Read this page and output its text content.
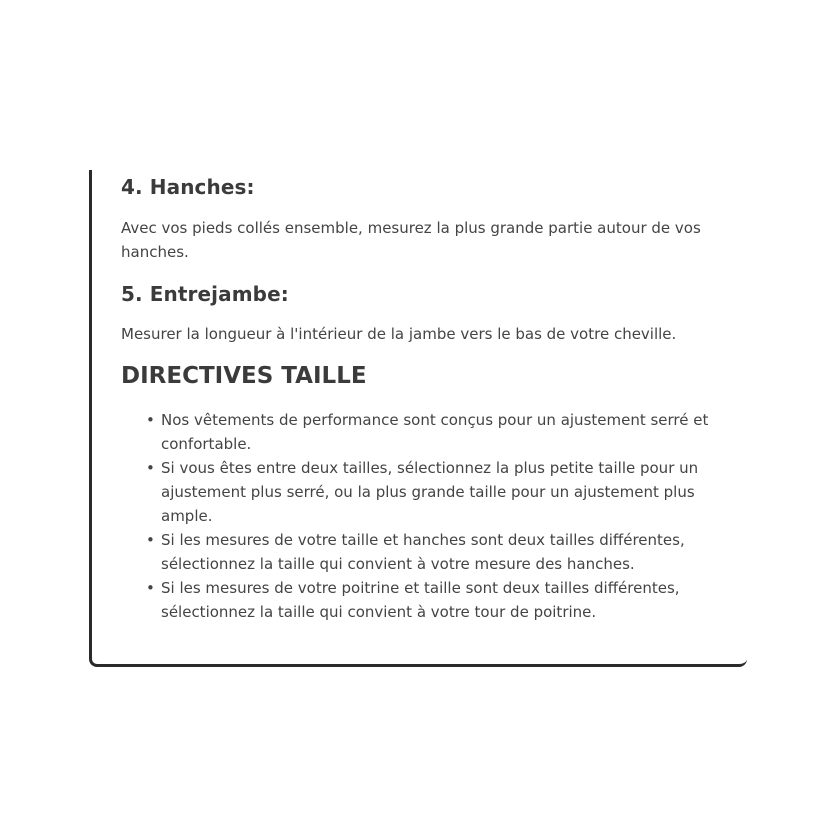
4. Hanches:

Avec vos pieds collés ensemble, mesurez la plus grande partie autour de vos hanches.

5. Entrejambe:

Mesurer la longueur à l'intérieur de la jambe vers le bas de votre cheville.

DIRECTIVES TAILLE
• Nos vêtements de performance sont conçus pour un ajustement serré et confortable.
• Si vous êtes entre deux tailles, sélectionnez la plus petite taille pour un ajustement plus serré, ou la plus grande taille pour un ajustement plus ample.
• Si les mesures de votre taille et hanches sont deux tailles différentes, sélectionnez la taille qui convient à votre mesure des hanches.
• Si les mesures de votre poitrine et taille sont deux tailles différentes, sélectionnez la taille qui convient à votre tour de poitrine.
